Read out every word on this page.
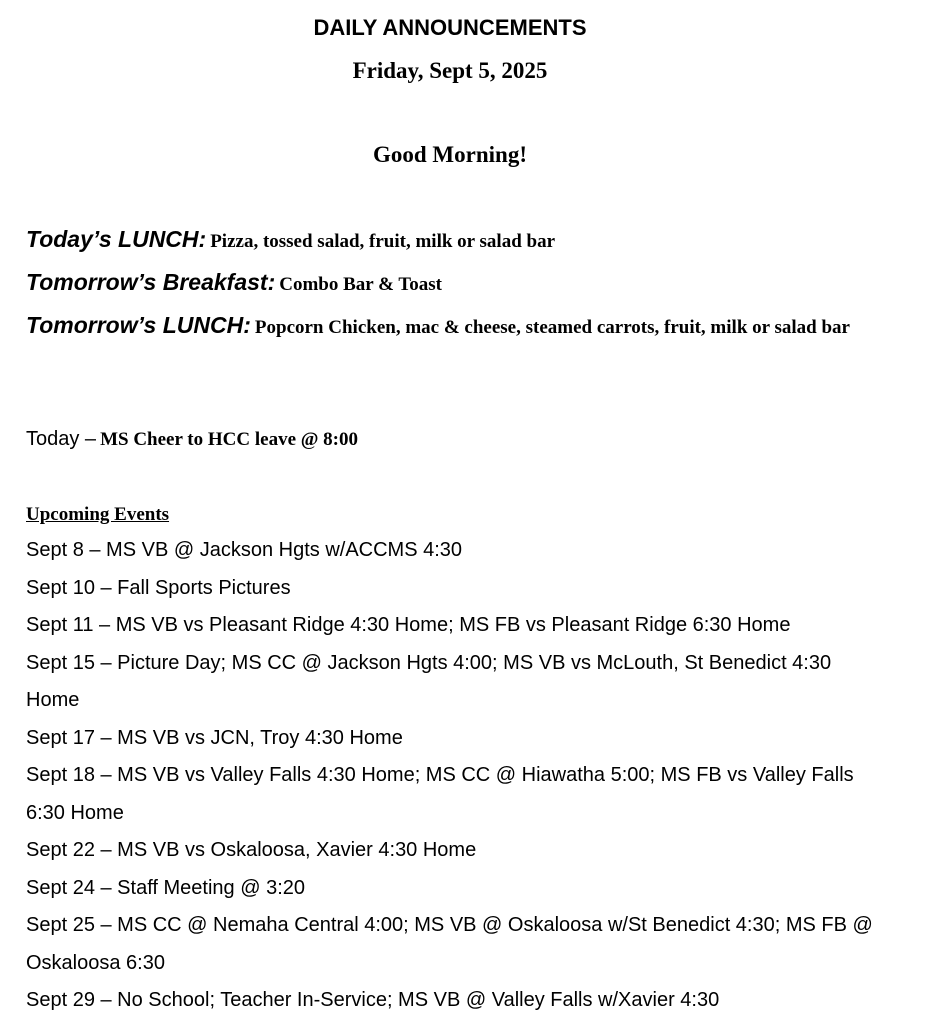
DAILY ANNOUNCEMENTS
Friday, Sept 5, 2025
Good Morning!
Today’s LUNCH: Pizza, tossed salad, fruit, milk or salad bar
Tomorrow’s Breakfast: Combo Bar & Toast
Tomorrow’s LUNCH: Popcorn Chicken, mac & cheese, steamed carrots, fruit, milk or salad bar
Today – MS Cheer to HCC leave @ 8:00
Upcoming Events
Sept 8 – MS VB @ Jackson Hgts w/ACCMS 4:30
Sept 10 – Fall Sports Pictures
Sept 11 – MS VB vs Pleasant Ridge 4:30 Home; MS FB vs Pleasant Ridge 6:30 Home
Sept 15 – Picture Day; MS CC @ Jackson Hgts 4:00; MS VB vs McLouth, St Benedict 4:30 Home
Sept 17 – MS VB vs JCN, Troy 4:30 Home
Sept 18 – MS VB vs Valley Falls 4:30 Home; MS CC @ Hiawatha 5:00; MS FB vs Valley Falls 6:30 Home
Sept 22 – MS VB vs Oskaloosa, Xavier 4:30 Home
Sept 24 – Staff Meeting @ 3:20
Sept 25 – MS CC @ Nemaha Central 4:00; MS VB @ Oskaloosa w/St Benedict 4:30; MS FB @ Oskaloosa 6:30
Sept 29 – No School; Teacher In-Service; MS VB @ Valley Falls w/Xavier 4:30
